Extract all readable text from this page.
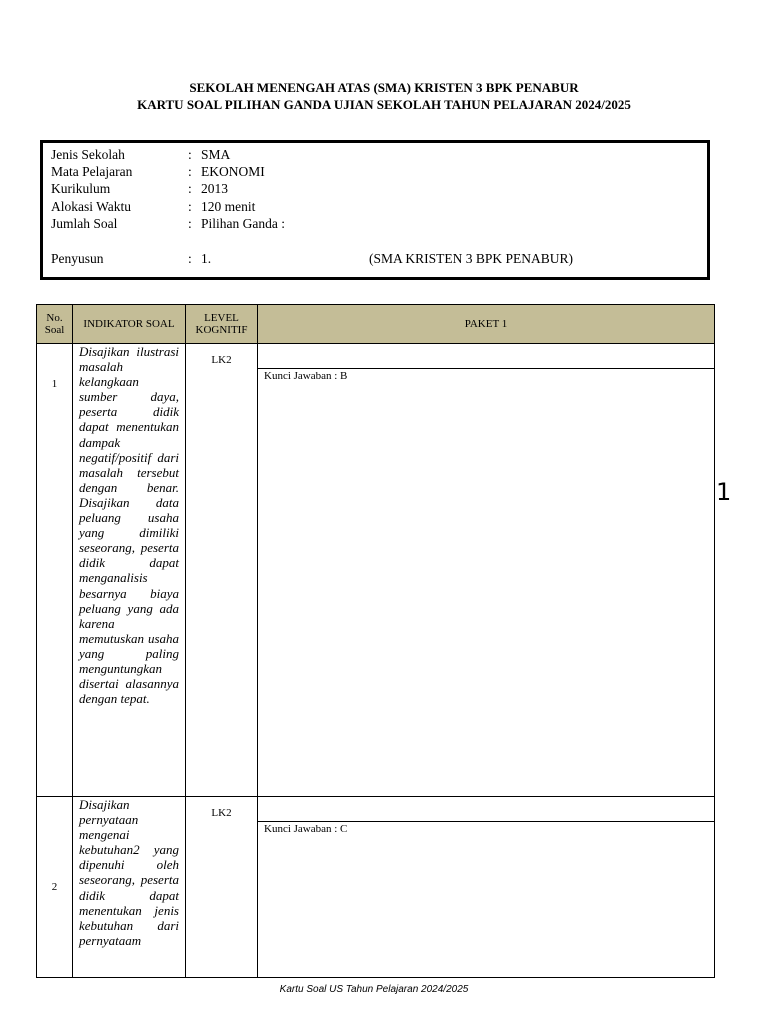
SEKOLAH MENENGAH ATAS (SMA) KRISTEN 3 BPK PENABUR
KARTU SOAL PILIHAN GANDA UJIAN SEKOLAH TAHUN PELAJARAN 2024/2025
Jenis Sekolah	: SMA
Mata Pelajaran	: EKONOMI
Kurikulum	: 2013
Alokasi Waktu	: 120 menit
Jumlah Soal	: Pilihan Ganda :
Penyusun	: 1.	(SMA KRISTEN 3 BPK PENABUR)
No. Soal	INDIKATOR SOAL	LEVEL KOGNITIF	PAKET 1
1	Disajikan ilustrasi masalah kelangkaan sumber daya, peserta didik dapat menentukan dampak negatif/positif dari masalah tersebut dengan benar. Disajikan data peluang usaha yang dimiliki seseorang, peserta didik dapat menganalisis besarnya biaya peluang yang ada karena memutuskan usaha yang paling menguntungkan disertai alasannya dengan tepat.	LK2	Kunci Jawaban : B

2	Disajikan pernyataan mengenai kebutuhan2 yang dipenuhi oleh seseorang, peserta didik dapat menentukan jenis kebutuhan dari pernyataam	LK2	Kunci Jawaban : C
1
Kartu Soal US Tahun Pelajaran 2024/2025
